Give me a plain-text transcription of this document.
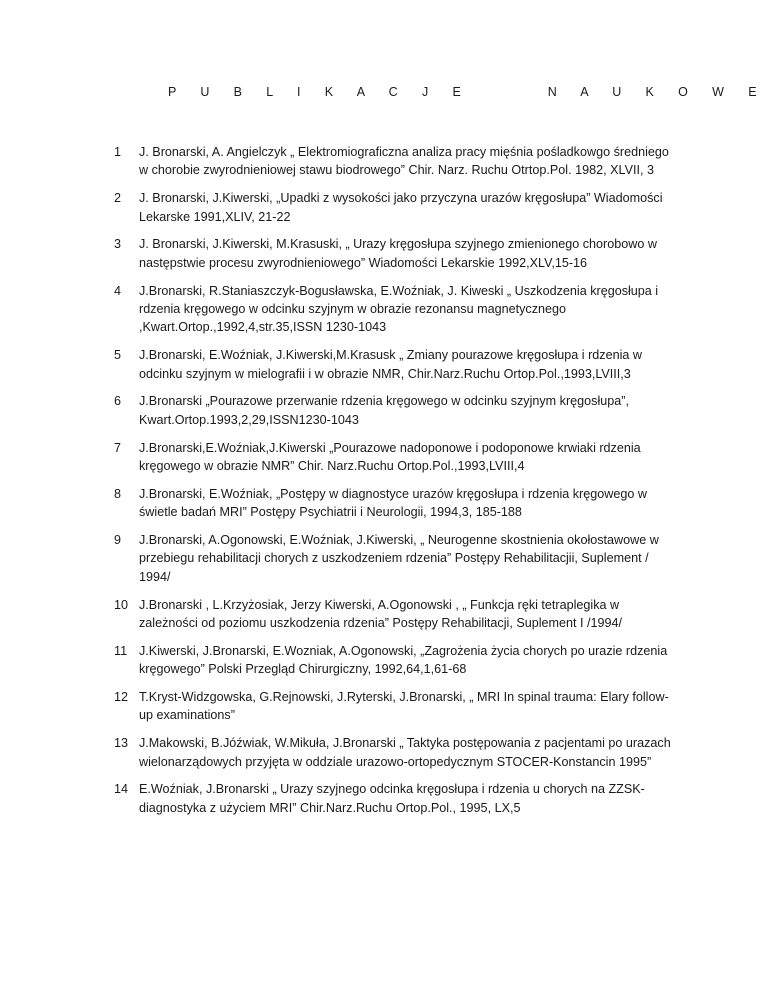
P U B L I K A C J E    N A U K O W E
1	J. Bronarski, A. Angielczyk „ Elektromiograficzna analiza pracy mięśnia pośladkowgo średniego w chorobie zwyrodnieniowej stawu biodrowego” Chir. Narz. Ruchu Otrtop.Pol. 1982, XLVII, 3
2	J. Bronarski, J.Kiwerski, „Upadki z wysokości jako przyczyna urazów kręgosłupa” Wiadomości Lekarske 1991,XLIV, 21-22
3	J. Bronarski, J.Kiwerski, M.Krasuski, „ Urazy kręgosłupa szyjnego zmienionego chorobowo w następstwie procesu zwyrodnieniowego” Wiadomości Lekarskie 1992,XLV,15-16
4	J.Bronarski, R.Staniaszczyk-Bogusławska, E.Woźniak, J. Kiweski „ Uszkodzenia kręgosłupa i rdzenia kręgowego w odcinku szyjnym w obrazie rezonansu magnetycznego ,Kwart.Ortop.,1992,4,str.35,ISSN 1230-1043
5	J.Bronarski, E.Woźniak, J.Kiwerski,M.Krasusk „ Zmiany pourazowe kręgosłupa i rdzenia w odcinku szyjnym w mielografii i w obrazie NMR, Chir.Narz.Ruchu Ortop.Pol.,1993,LVIII,3
6	J.Bronarski „Pourazowe przerwanie rdzenia kręgowego w odcinku szyjnym kręgosłupa”, Kwart.Ortop.1993,2,29,ISSN1230-1043
7	J.Bronarski,E.Woźniak,J.Kiwerski „Pourazowe nadoponowe i podoponowe krwiaki rdzenia kręgowego w obrazie NMR” Chir. Narz.Ruchu Ortop.Pol.,1993,LVIII,4
8	J.Bronarski, E.Woźniak, „Postępy w diagnostyce urazów kręgosłupa i rdzenia kręgowego w świetle badań MRI” Postępy Psychiatrii i Neurologii, 1994,3, 185-188
9	J.Bronarski, A.Ogonowski, E.Woźniak, J.Kiwerski, „ Neurogenne skostnienia okołostawowe w przebiegu rehabilitacji chorych z uszkodzeniem rdzenia” Postępy Rehabilitacjii, Suplement / 1994/
10 J.Bronarski , L.Krzyżosiak, Jerzy Kiwerski, A.Ogonowski , „ Funkcja ręki tetraplegika w zależności od poziomu uszkodzenia rdzenia” Postępy Rehabilitacji, Suplement I /1994/
11 J.Kiwerski, J.Bronarski, E.Wozniak, A.Ogonowski, „Zagrożenia życia chorych po urazie rdzenia kręgowego” Polski Przegląd Chirurgiczny, 1992,64,1,61-68
12 T.Kryst-Widzgowska, G.Rejnowski, J.Ryterski, J.Bronarski, „ MRI In spinal trauma: Elary follow-up examinations”
13 J.Makowski, B.Jóźwiak, W.Mikuła, J.Bronarski „ Taktyka postępowania z pacjentami po urazach wielonarządowych przyjęta w oddziale urazowo-ortopedycznym STOCER-Konstancin 1995”
14 E.Woźniak, J.Bronarski „ Urazy szyjnego odcinka kręgosłupa i rdzenia u chorych na ZZSK-diagnostyka z użyciem MRI” Chir.Narz.Ruchu Ortop.Pol., 1995, LX,5
